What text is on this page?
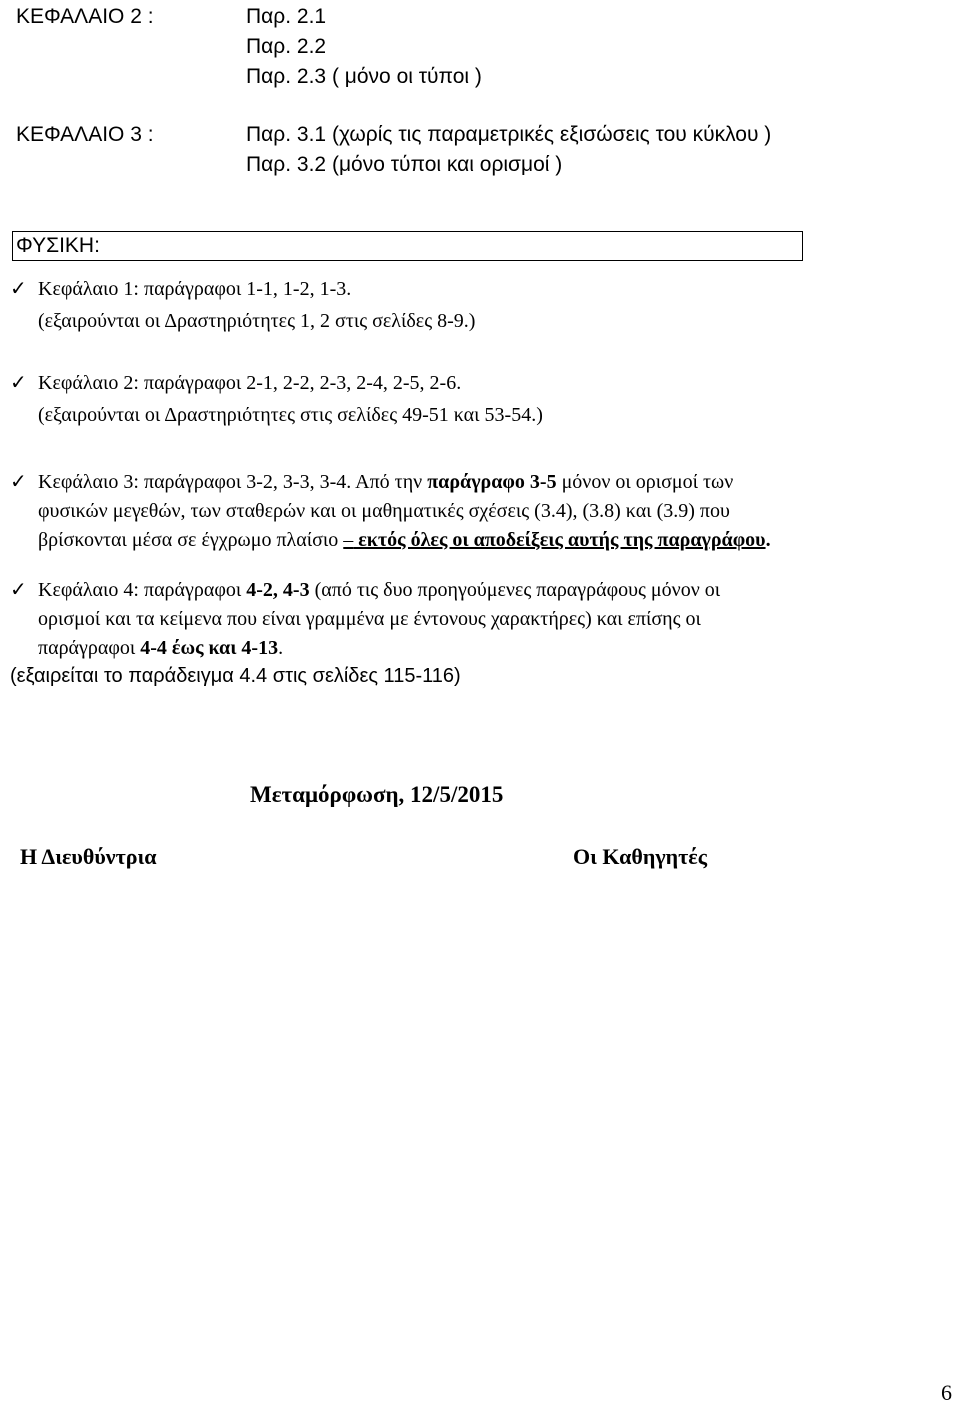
ΚΕΦΑΛΑΙΟ 2 :	Παρ. 2.1
Παρ. 2.2
Παρ. 2.3 ( μόνο οι τύποι )
ΚΕΦΑΛΑΙΟ 3 :	Παρ. 3.1 (χωρίς τις παραμετρικές εξισώσεις του κύκλου )
Παρ. 3.2 (μόνο τύποι και ορισμοί )
ΦΥΣΙΚΗ:
✓ Κεφάλαιο 1: παράγραφοι 1-1, 1-2, 1-3.
(εξαιρούνται οι Δραστηριότητες 1, 2 στις σελίδες 8-9.)
✓ Κεφάλαιο 2: παράγραφοι 2-1, 2-2, 2-3, 2-4, 2-5, 2-6.
(εξαιρούνται οι Δραστηριότητες στις σελίδες 49-51 και 53-54.)
✓ Κεφάλαιο 3: παράγραφοι 3-2, 3-3, 3-4. Από την παράγραφο 3-5 μόνον οι ορισμοί των
φυσικών μεγεθών, των σταθερών και οι μαθηματικές σχέσεις (3.4), (3.8) και (3.9) που
βρίσκονται μέσα σε έγχρωμο πλαίσιο – εκτός όλες οι αποδείξεις αυτής της παραγράφου.
✓ Κεφάλαιο 4: παράγραφοι 4-2, 4-3 (από τις δυο προηγούμενες παραγράφους μόνον οι
ορισμοί και τα κείμενα που είναι γραμμένα με έντονους χαρακτήρες) και επίσης οι
παράγραφοι 4-4 έως και 4-13.
(εξαιρείται το παράδειγμα 4.4 στις σελίδες 115-116)
Μεταμόρφωση, 12/5/2015
Η Διευθύντρια	Οι Καθηγητές
6
